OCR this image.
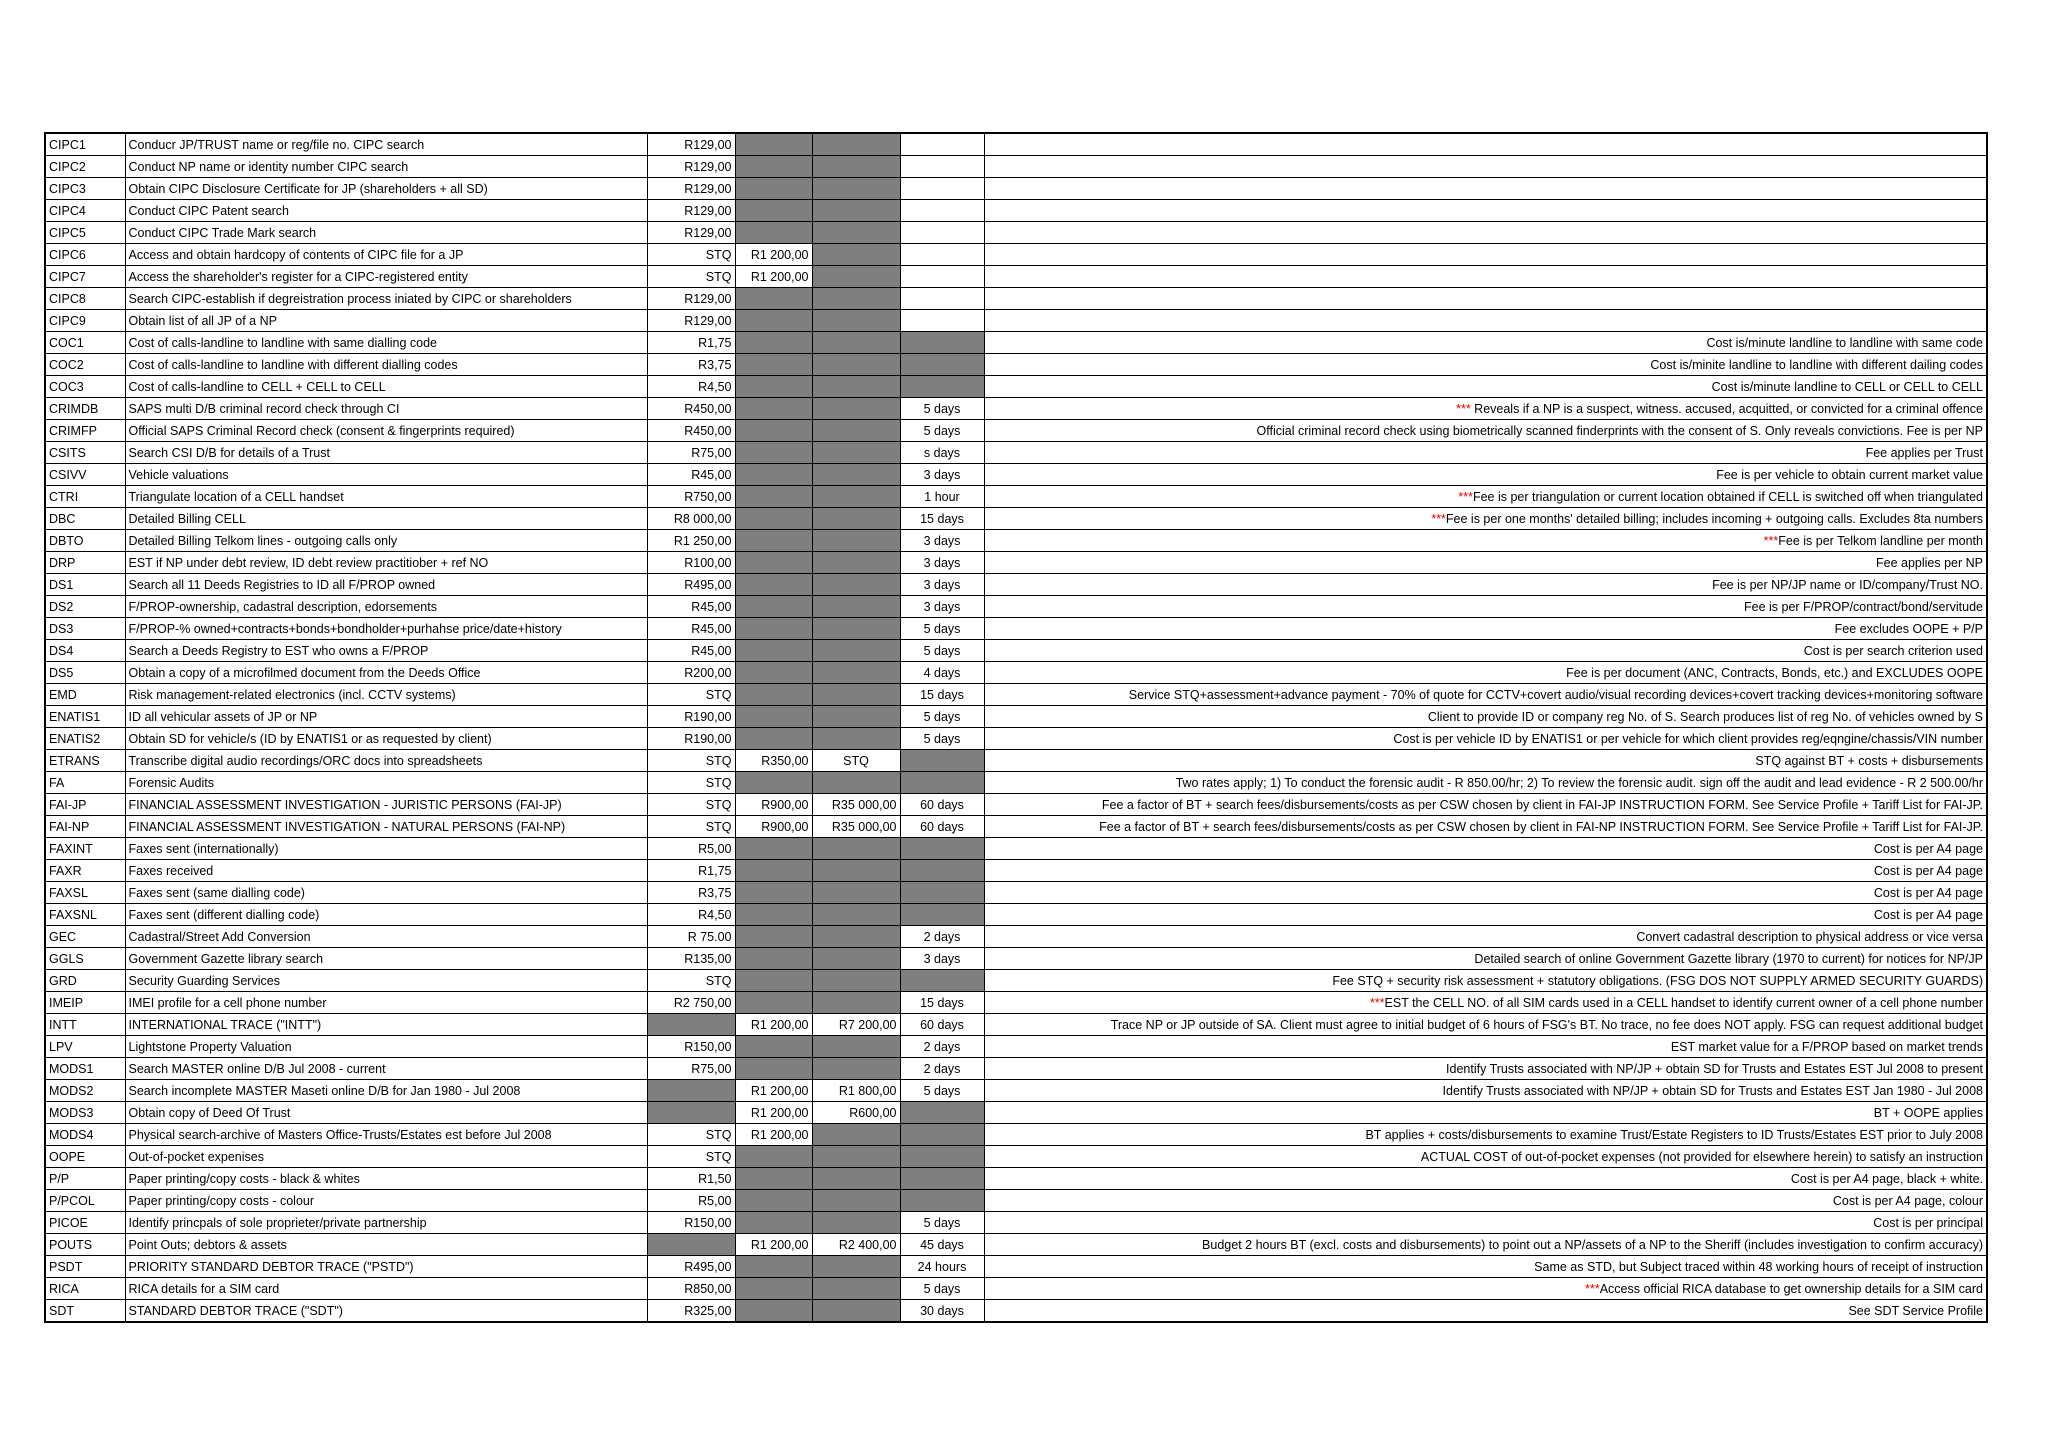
CIPC1	Conducr JP/TRUST name or reg/file no. CIPC search	R129,00				
CIPC2	Conduct NP name or identity number CIPC search	R129,00				
CIPC3	Obtain CIPC Disclosure Certificate for JP (shareholders + all SD)	R129,00				
CIPC4	Conduct CIPC Patent search	R129,00				
CIPC5	Conduct CIPC Trade Mark search	R129,00				
CIPC6	Access and obtain hardcopy of contents of CIPC file for a JP	STQ	R1 200,00			
CIPC7	Access the shareholder's register for a CIPC-registered entity	STQ	R1 200,00			
CIPC8	Search CIPC-establish if degreistration process iniated by CIPC or shareholders	R129,00				
CIPC9	Obtain list of all JP of a NP	R129,00				
COC1	Cost of calls-landline to landline with same dialling code	R1,75				Cost is/minute landline to landline with same code
COC2	Cost of calls-landline to landline with different dialling codes	R3,75				Cost is/minite landline to landline with different dailing codes
COC3	Cost of calls-landline to CELL + CELL to CELL	R4,50				Cost is/minute landline to CELL or CELL to CELL
CRIMDB	SAPS multi D/B criminal record check through CI	R450,00			5 days	*** Reveals if a NP is a suspect, witness. accused, acquitted, or convicted for a criminal offence
CRIMFP	Official SAPS Criminal Record check (consent & fingerprints required)	R450,00			5 days	Official criminal record check using biometrically scanned finderprints with the consent of S. Only reveals convictions. Fee is per NP
CSITS	Search CSI D/B for details of a Trust	R75,00			s days	Fee applies per Trust
CSIVV	Vehicle valuations	R45,00			3 days	Fee is per vehicle to obtain current market value
CTRI	Triangulate location of a CELL handset	R750,00			1 hour	***Fee is per triangulation or current location obtained if CELL is switched off when triangulated
DBC	Detailed Billing CELL	R8 000,00			15 days	***Fee is per one months' detailed billing; includes incoming + outgoing calls. Excludes 8ta numbers
DBTO	Detailed Billing Telkom lines - outgoing calls only	R1 250,00			3 days	***Fee is per Telkom landline per month
DRP	EST if NP under debt review, ID debt review practitiober + ref NO	R100,00			3 days	Fee applies per NP
DS1	Search all 11 Deeds Registries to ID all F/PROP owned	R495,00			3 days	Fee is per NP/JP name or ID/company/Trust NO.
DS2	F/PROP-ownership, cadastral description, edorsements	R45,00			3 days	Fee is per F/PROP/contract/bond/servitude
DS3	F/PROP-% owned+contracts+bonds+bondholder+purhahse price/date+history	R45,00			5 days	Fee excludes OOPE + P/P
DS4	Search a Deeds Registry to EST who owns a F/PROP	R45,00			5 days	Cost is per search criterion used
DS5	Obtain a copy of a microfilmed document from the Deeds Office	R200,00			4 days	Fee is per document (ANC, Contracts, Bonds, etc.) and EXCLUDES OOPE
EMD	Risk management-related electronics (incl. CCTV systems)	STQ			15 days	Service STQ+assessment+advance payment - 70% of quote for CCTV+covert audio/visual recording devices+covert tracking devices+monitoring software
ENATIS1	ID all vehicular assets of JP or NP	R190,00			5 days	Client to provide ID or company reg No. of S. Search produces list of reg No. of vehicles owned by S
ENATIS2	Obtain SD for vehicle/s (ID by ENATIS1 or as requested by client)	R190,00			5 days	Cost is per vehicle ID by ENATIS1 or per vehicle for which client provides reg/eqngine/chassis/VIN number
ETRANS	Transcribe digital audio recordings/ORC docs into spreadsheets	STQ	R350,00	STQ		STQ against BT + costs + disbursements
FA	Forensic Audits	STQ				Two rates apply; 1) To conduct the forensic audit - R 850.00/hr; 2) To review the forensic audit. sign off the audit and lead evidence - R 2 500.00/hr
FAI-JP	FINANCIAL ASSESSMENT INVESTIGATION - JURISTIC PERSONS (FAI-JP)	STQ	R900,00	R35 000,00	60 days	Fee a factor of BT + search fees/disbursements/costs as per CSW chosen by client in FAI-JP INSTRUCTION FORM. See Service Profile + Tariff List for FAI-JP.
FAI-NP	FINANCIAL ASSESSMENT INVESTIGATION - NATURAL PERSONS (FAI-NP)	STQ	R900,00	R35 000,00	60 days	Fee a factor of BT + search fees/disbursements/costs as per CSW chosen by client in FAI-NP INSTRUCTION FORM. See Service Profile + Tariff List for FAI-JP.
FAXINT	Faxes sent (internationally)	R5,00				Cost is per A4 page
FAXR	Faxes received	R1,75				Cost is per A4 page
FAXSL	Faxes sent (same dialling code)	R3,75				Cost is per A4 page
FAXSNL	Faxes sent (different dialling code)	R4,50				Cost is per A4 page
GEC	Cadastral/Street Add Conversion	R 75.00			2 days	Convert cadastral description to physical address or vice versa
GGLS	Government Gazette library search	R135,00			3 days	Detailed search of online Government Gazette library (1970 to current) for notices for NP/JP
GRD	Security Guarding Services	STQ				Fee STQ + security risk assessment + statutory obligations. (FSG DOS NOT SUPPLY ARMED SECURITY GUARDS)
IMEIP	IMEI profile for a cell phone number	R2 750,00			15 days	***EST the CELL NO. of all SIM cards used in a CELL handset to identify current owner of a cell phone number
INTT	INTERNATIONAL TRACE ("INTT")		R1 200,00	R7 200,00	60 days	Trace NP or JP outside of SA. Client must agree to initial budget of 6 hours of FSG's BT. No trace, no fee does NOT apply. FSG can request additional budget
LPV	Lightstone Property Valuation	R150,00			2 days	EST market value for a F/PROP based on market trends
MODS1	Search MASTER online D/B Jul 2008 - current	R75,00			2 days	Identify Trusts associated with NP/JP + obtain SD for Trusts and Estates EST Jul 2008 to present
MODS2	Search incomplete MASTER Maseti online D/B for Jan 1980 - Jul 2008		R1 200,00	R1 800,00	5 days	Identify Trusts associated with NP/JP + obtain SD for Trusts and Estates EST Jan 1980 - Jul 2008
MODS3	Obtain copy of Deed Of Trust		R1 200,00	R600,00		BT + OOPE applies
MODS4	Physical search-archive of Masters Office-Trusts/Estates est before Jul 2008	STQ	R1 200,00			BT applies + costs/disbursements to examine Trust/Estate Registers to ID Trusts/Estates EST prior to July 2008
OOPE	Out-of-pocket expenises	STQ				ACTUAL COST of out-of-pocket expenses (not provided for elsewhere herein) to satisfy an instruction
P/P	Paper printing/copy costs - black & whites	R1,50				Cost is per A4 page, black + white.
P/PCOL	Paper printing/copy costs - colour	R5,00				Cost is per A4 page, colour
PICOE	Identify princpals of sole proprieter/private partnership	R150,00			5 days	Cost is per principal
POUTS	Point Outs; debtors & assets		R1 200,00	R2 400,00	45 days	Budget 2 hours BT (excl. costs and disbursements) to point out a NP/assets of a NP to the Sheriff (includes investigation to confirm accuracy)
PSDT	PRIORITY STANDARD DEBTOR TRACE ("PSTD")	R495,00			24 hours	Same as STD, but Subject traced within 48 working hours of receipt of instruction
RICA	RICA details for a SIM card	R850,00			5 days	***Access official RICA database to get ownership details for a SIM card
SDT	STANDARD DEBTOR TRACE ("SDT")	R325,00			30 days	See SDT Service Profile
